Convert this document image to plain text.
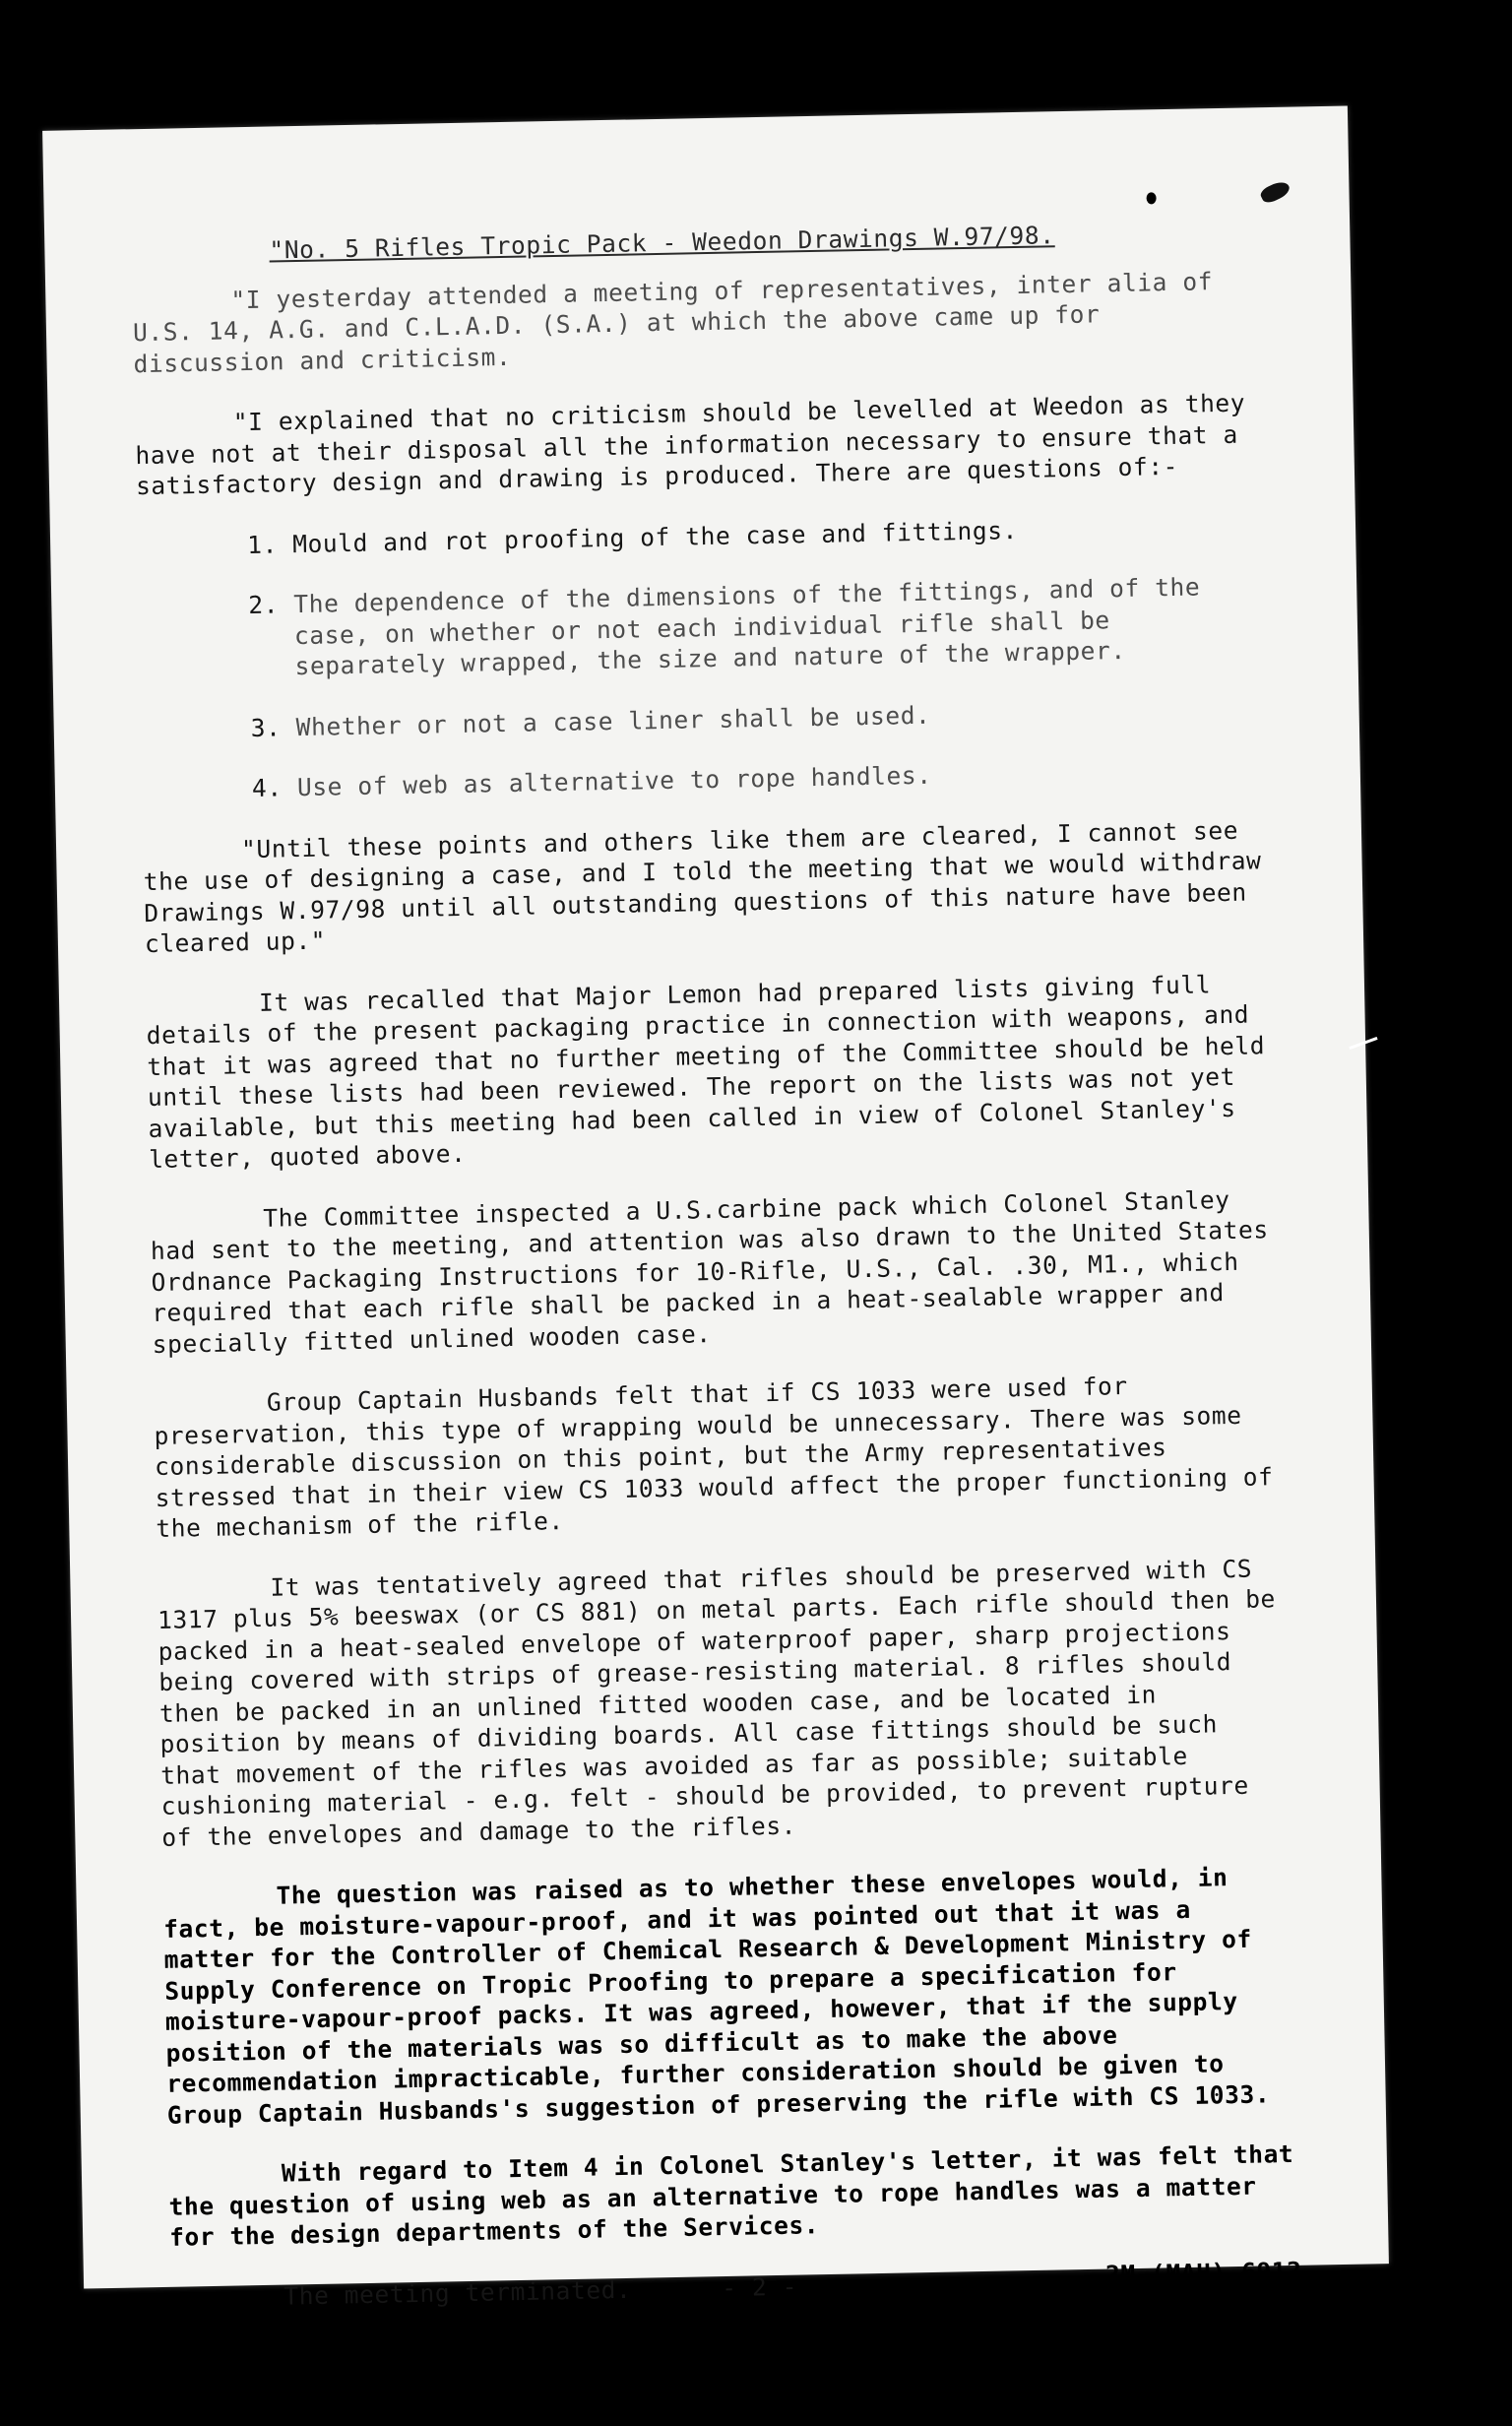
"No. 5 Rifles Tropic Pack - Weedon Drawings W.97/98.

"I yesterday attended a meeting of representatives, inter alia of U.S. 14, A.G. and C.L.A.D. (S.A.) at which the above came up for discussion and criticism.

"I explained that no criticism should be levelled at Weedon as they have not at their disposal all the information necessary to ensure that a satisfactory design and drawing is produced. There are questions of:-

1. Mould and rot proofing of the case and fittings.
2. The dependence of the dimensions of the fittings, and of the case, on whether or not each individual rifle shall be separately wrapped, the size and nature of the wrapper.
3. Whether or not a case liner shall be used.
4. Use of web as alternative to rope handles.

"Until these points and others like them are cleared, I cannot see the use of designing a case, and I told the meeting that we would withdraw Drawings W.97/98 until all outstanding questions of this nature have been cleared up."

It was recalled that Major Lemon had prepared lists giving full details of the present packaging practice in connection with weapons, and that it was agreed that no further meeting of the Committee should be held until these lists had been reviewed. The report on the lists was not yet available, but this meeting had been called in view of Colonel Stanley's letter, quoted above.

The Committee inspected a U.S.carbine pack which Colonel Stanley had sent to the meeting, and attention was also drawn to the United States Ordnance Packaging Instructions for 10-Rifle, U.S., Cal. .30, M1., which required that each rifle shall be packed in a heat-sealable wrapper and specially fitted unlined wooden case.

Group Captain Husbands felt that if CS 1033 were used for preservation, this type of wrapping would be unnecessary. There was some considerable discussion on this point, but the Army representatives stressed that in their view CS 1033 would affect the proper functioning of the mechanism of the rifle.

It was tentatively agreed that rifles should be preserved with CS 1317 plus 5% beeswax (or CS 881) on metal parts. Each rifle should then be packed in a heat-sealed envelope of waterproof paper, sharp projections being covered with strips of grease-resisting material. 8 rifles should then be packed in an unlined fitted wooden case, and be located in position by means of dividing boards. All case fittings should be such that movement of the rifles was avoided as far as possible; suitable cushioning material - e.g. felt - should be provided, to prevent rupture of the envelopes and damage to the rifles.

The question was raised as to whether these envelopes would, in fact, be moisture-vapour-proof, and it was pointed out that it was a matter for the Controller of Chemical Research & Development Ministry of Supply Conference on Tropic Proofing to prepare a specification for moisture-vapour-proof packs. It was agreed, however, that if the supply position of the materials was so difficult as to make the above recommendation impracticable, further consideration should be given to Group Captain Husbands's suggestion of preserving the rifle with CS 1033.

With regard to Item 4 in Colonel Stanley's letter, it was felt that the question of using web as an alternative to rope handles was a matter for the design departments of the Services.

The meeting terminated.	- 2 -	2M (MAH) 6912
